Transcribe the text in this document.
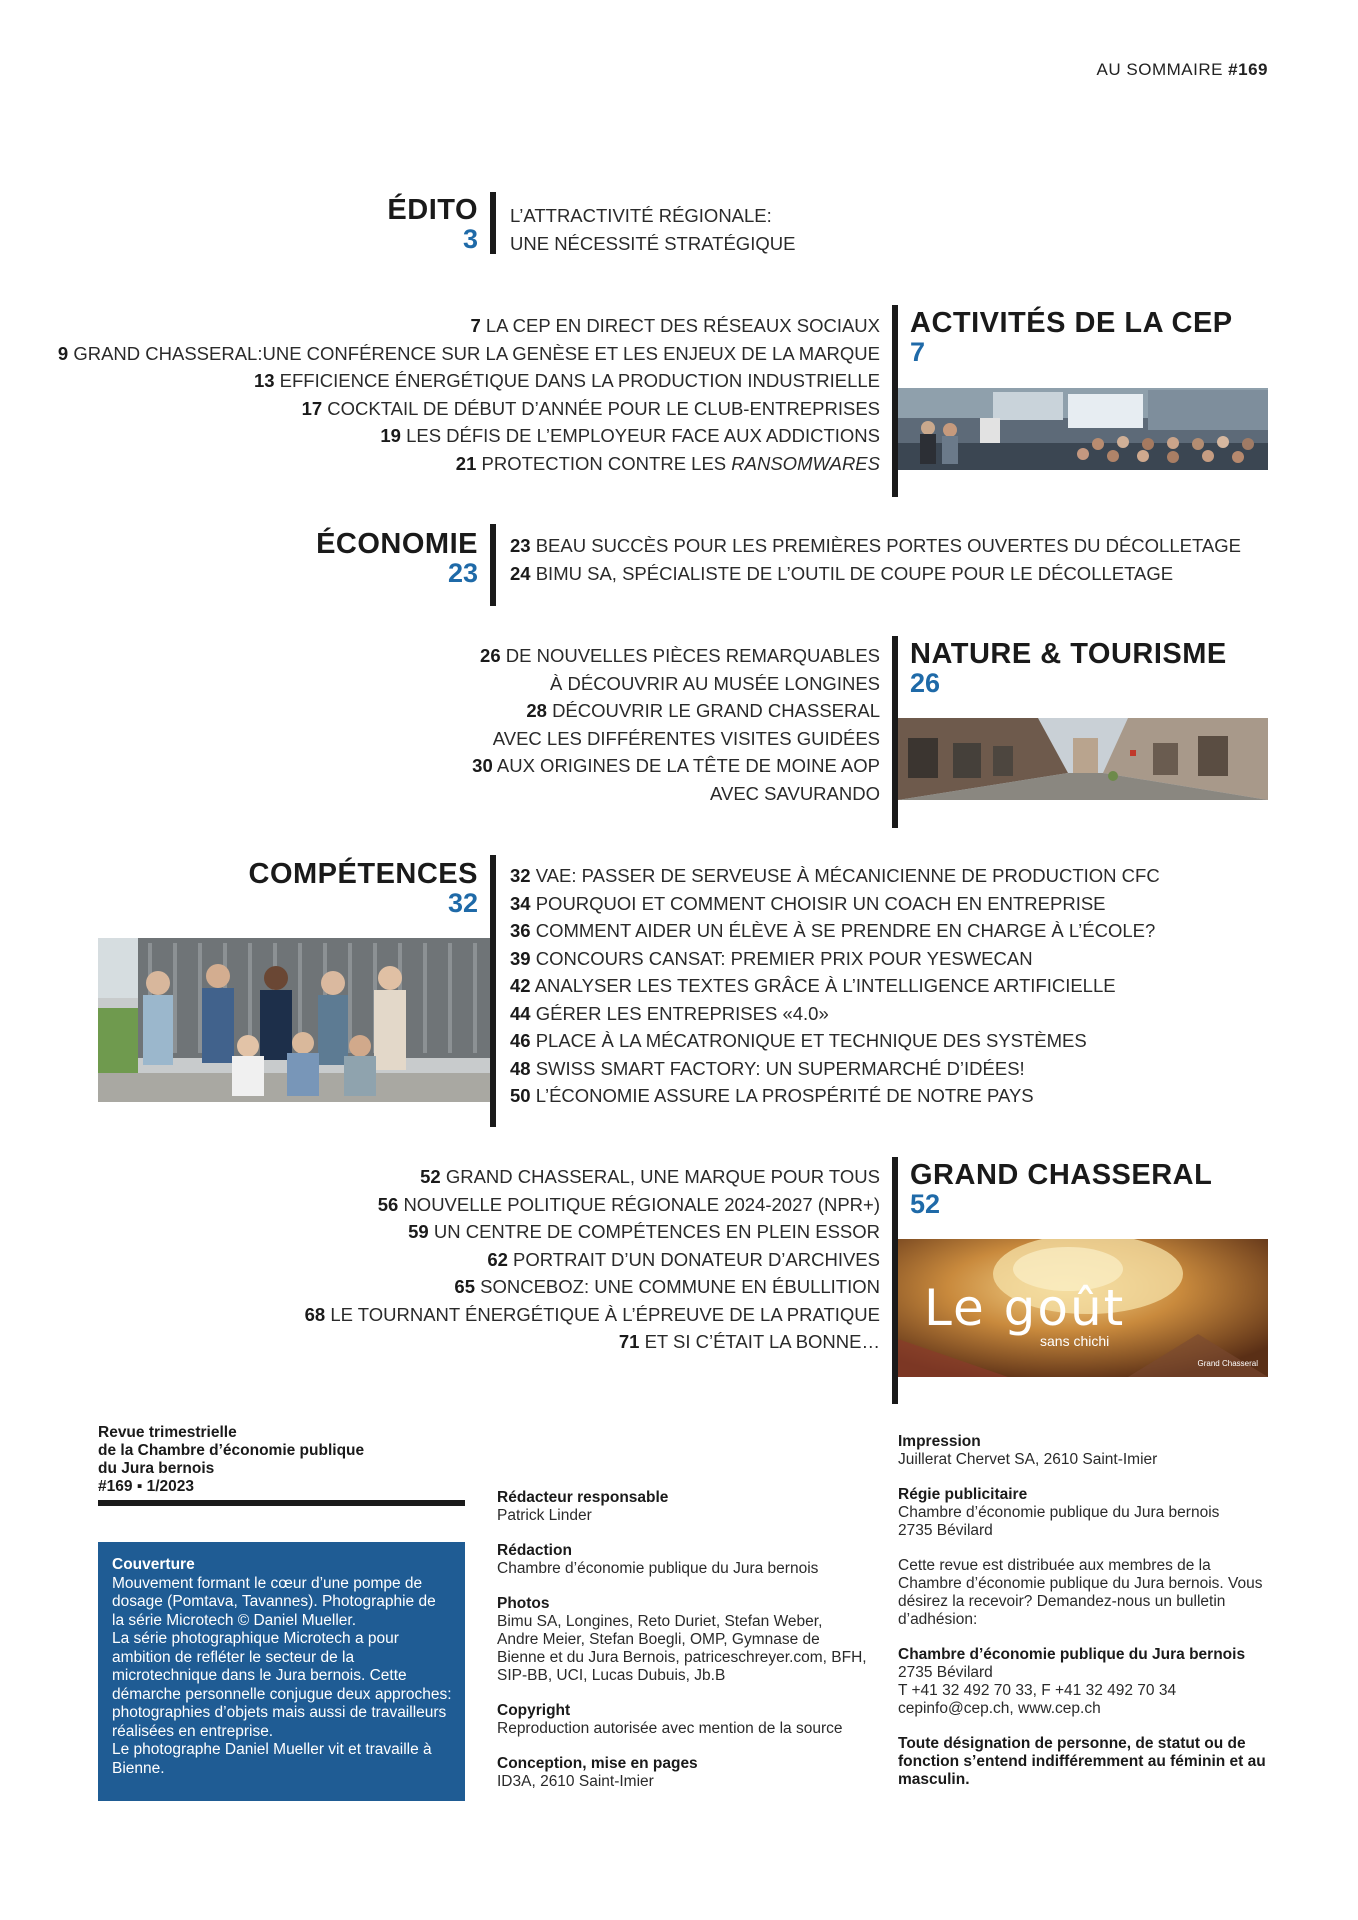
AU SOMMAIRE #169
ÉDITO
3
L’ATTRACTIVITÉ RÉGIONALE:
UNE NÉCESSITÉ STRATÉGIQUE
7 LA CEP EN DIRECT DES RÉSEAUX SOCIAUX
9 GRAND CHASSERAL:UNE CONFÉRENCE SUR LA GENÈSE ET LES ENJEUX DE LA MARQUE
13 EFFICIENCE ÉNERGÉTIQUE DANS LA PRODUCTION INDUSTRIELLE
17 COCKTAIL DE DÉBUT D’ANNÉE POUR LE CLUB-ENTREPRISES
19 LES DÉFIS DE L’EMPLOYEUR FACE AUX ADDICTIONS
21 PROTECTION CONTRE LES RANSOMWARES
ACTIVITÉS DE LA CEP
7
ÉCONOMIE
23
23 BEAU SUCCÈS POUR LES PREMIÈRES PORTES OUVERTES DU DÉCOLLETAGE
24 BIMU SA, SPÉCIALISTE DE L’OUTIL DE COUPE POUR LE DÉCOLLETAGE
26 DE NOUVELLES PIÈCES REMARQUABLES
À DÉCOUVRIR AU MUSÉE LONGINES
28 DÉCOUVRIR LE GRAND CHASSERAL
AVEC LES DIFFÉRENTES VISITES GUIDÉES
30 AUX ORIGINES DE LA TÊTE DE MOINE AOP
AVEC SAVURANDO
NATURE & TOURISME
26
COMPÉTENCES
32
32 VAE: PASSER DE SERVEUSE À MÉCANICIENNE DE PRODUCTION CFC
34 POURQUOI ET COMMENT CHOISIR UN COACH EN ENTREPRISE
36 COMMENT AIDER UN ÉLÈVE À SE PRENDRE EN CHARGE À L’ÉCOLE?
39 CONCOURS CANSAT: PREMIER PRIX POUR YESWECAN
42 ANALYSER LES TEXTES GRÂCE À L’INTELLIGENCE ARTIFICIELLE
44 GÉRER LES ENTREPRISES «4.0»
46 PLACE À LA MÉCATRONIQUE ET TECHNIQUE DES SYSTÈMES
48 SWISS SMART FACTORY: UN SUPERMARCHÉ D’IDÉES!
50 L’ÉCONOMIE ASSURE LA PROSPÉRITÉ DE NOTRE PAYS
52 GRAND CHASSERAL, UNE MARQUE POUR TOUS
56 NOUVELLE POLITIQUE RÉGIONALE 2024-2027 (NPR+)
59 UN CENTRE DE COMPÉTENCES EN PLEIN ESSOR
62 PORTRAIT D’UN DONATEUR D’ARCHIVES
65 SONCEBOZ: UNE COMMUNE EN ÉBULLITION
68 LE TOURNANT ÉNERGÉTIQUE À L’ÉPREUVE DE LA PRATIQUE
71 ET SI C’ÉTAIT LA BONNE…
GRAND CHASSERAL
52
Le goût
sans chichi
Grand Chasseral
Revue trimestrielle
de la Chambre d’économie publique
du Jura bernois
#169 ▪ 1/2023
Couverture
Mouvement formant le cœur d’une pompe de dosage (Pomtava, Tavannes). Photographie de la série Microtech © Daniel Mueller.
La série photographique Microtech a pour ambition de refléter le secteur de la microtechnique dans le Jura bernois. Cette démarche personnelle conjugue deux approches: photographies d’objets mais aussi de travailleurs réalisées en entreprise.
Le photographe Daniel Mueller vit et travaille à Bienne.
Rédacteur responsable
Patrick Linder
Rédaction
Chambre d’économie publique du Jura bernois
Photos
Bimu SA, Longines, Reto Duriet, Stefan Weber, Andre Meier, Stefan Boegli, OMP, Gymnase de Bienne et du Jura Bernois, patriceschreyer.com, BFH, SIP-BB, UCI, Lucas Dubuis, Jb.B
Copyright
Reproduction autorisée avec mention de la source
Conception, mise en pages
ID3A, 2610 Saint-Imier
Impression
Juillerat Chervet SA, 2610 Saint-Imier
Régie publicitaire
Chambre d’économie publique du Jura bernois
2735 Bévilard
Cette revue est distribuée aux membres de la Chambre d’économie publique du Jura bernois. Vous désirez la recevoir? Demandez-nous un bulletin d’adhésion:
Chambre d’économie publique du Jura bernois
2735 Bévilard
T +41 32 492 70 33, F +41 32 492 70 34
cepinfo@cep.ch, www.cep.ch
Toute désignation de personne, de statut ou de fonction s’entend indifféremment au féminin et au masculin.
